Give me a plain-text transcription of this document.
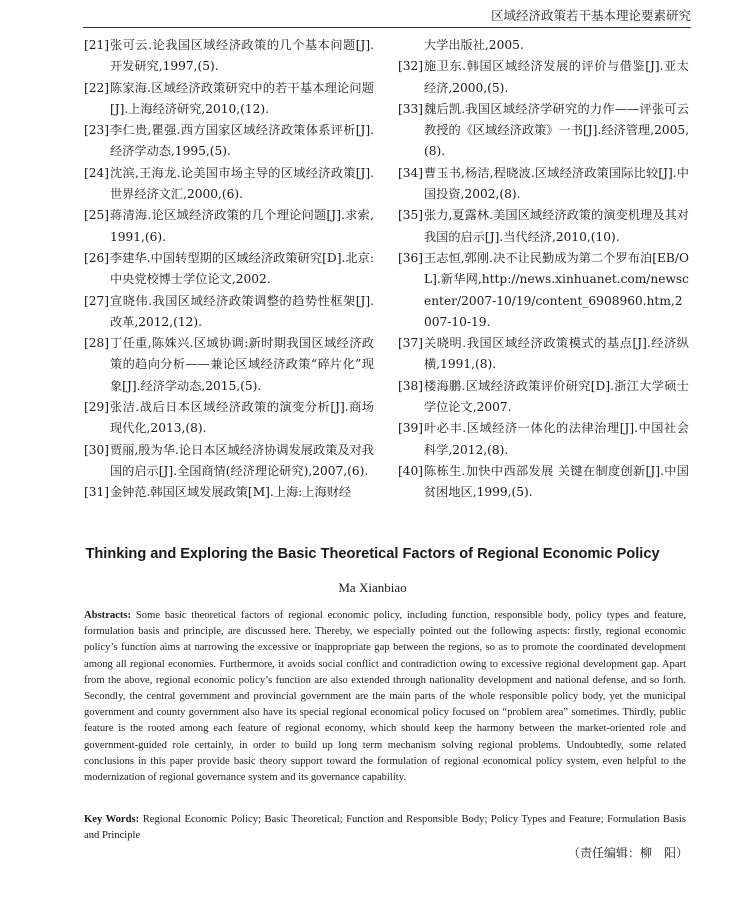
区域经济政策若干基本理论要素研究

[21] 张可云.论我国区域经济政策的几个基本问题[J].开发研究,1997,(5).

[22] 陈家海.区域经济政策研究中的若干基本理论问题[J].上海经济研究,2010,(12).

[23] 李仁贵,瞿强.西方国家区域经济政策体系评析[J].经济学动态,1995,(5).

[24] 沈滨,王海龙.论美国市场主导的区域经济政策[J].世界经济文汇,2000,(6).

[25] 蒋清海.论区域经济政策的几个理论问题[J].求索,1991,(6).

[26] 李建华.中国转型期的区域经济政策研究[D].北京:中央党校博士学位论文,2002.

[27] 宣晓伟.我国区域经济政策调整的趋势性框架[J].改革,2012,(12).

[28] 丁任重,陈姝兴.区域协调:新时期我国区域经济政策的趋向分析——兼论区域经济政策“碎片化”现象[J].经济学动态,2015,(5).

[29] 张洁.战后日本区域经济政策的演变分析[J].商场现代化,2013,(8).

[30] 贾丽,殷为华.论日本区域经济协调发展政策及对我国的启示[J].全国商情(经济理论研究),2007,(6).

[31] 金钟范.韩国区域发展政策[M].上海:上海财经

大学出版社,2005.

[32] 施卫东.韩国区域经济发展的评价与借鉴[J].亚太经济,2000,(5).

[33] 魏后凯.我国区域经济学研究的力作——评张可云教授的《区域经济政策》一书[J].经济管理,2005,(8).

[34] 曹玉书,杨洁,程晓波.区域经济政策国际比较[J].中国投资,2002,(8).

[35] 张力,夏露林.美国区域经济政策的演变机理及其对我国的启示[J].当代经济,2010,(10).

[36] 王志恒,郭刚.决不让民勤成为第二个罗布泊[EB/OL].新华网,http://news.xinhuanet.com/newscenter/2007-10/19/content_6908960.htm,2007-10-19.

[37] 关晓明.我国区域经济政策模式的基点[J].经济纵横,1991,(8).

[38] 楼海鹏.区域经济政策评价研究[D].浙江大学硕士学位论文,2007.

[39] 叶必丰.区域经济一体化的法律治理[J].中国社会科学,2012,(8).

[40] 陈栋生.加快中西部发展 关键在制度创新[J].中国贫困地区,1999,(5).

Thinking and Exploring the Basic Theoretical Factors of Regional Economic Policy
Ma Xianbiao
Abstracts: Some basic theoretical factors of regional economic policy, including function, responsible body, policy types and feature, formulation basis and principle, are discussed here. Thereby, we especially pointed out the following aspects: firstly, regional economic policy’s function aims at narrowing the excessive or inappropriate gap between the regions, so as to promote the coordinated development among all regional economies. Furthermore, it avoids social conflict and contradiction owing to excessive regional development gap. Apart from the above, regional economic policy’s function are also extended through nationality development and national defense, and so forth. Secondly, the central government and provincial government are the main parts of the whole responsible policy body, yet the municipal government and county government also have its special regional economical policy focused on “problem area” sometimes. Thirdly, public feature is the rooted among each feature of regional economy, which should keep the harmony between the market-oriented role and government-guided role certainly, in order to build up long term mechanism solving regional problems. Undoubtedly, some related conclusions in this paper provide basic theory support toward the formulation of regional economical policy system, even helpful to the modernization of regional governance system and its governance capability.
Key Words: Regional Economic Policy; Basic Theoretical; Function and Responsible Body; Policy Types and Feature; Formulation Basis and Principle
（责任编辑：柳　阳）
